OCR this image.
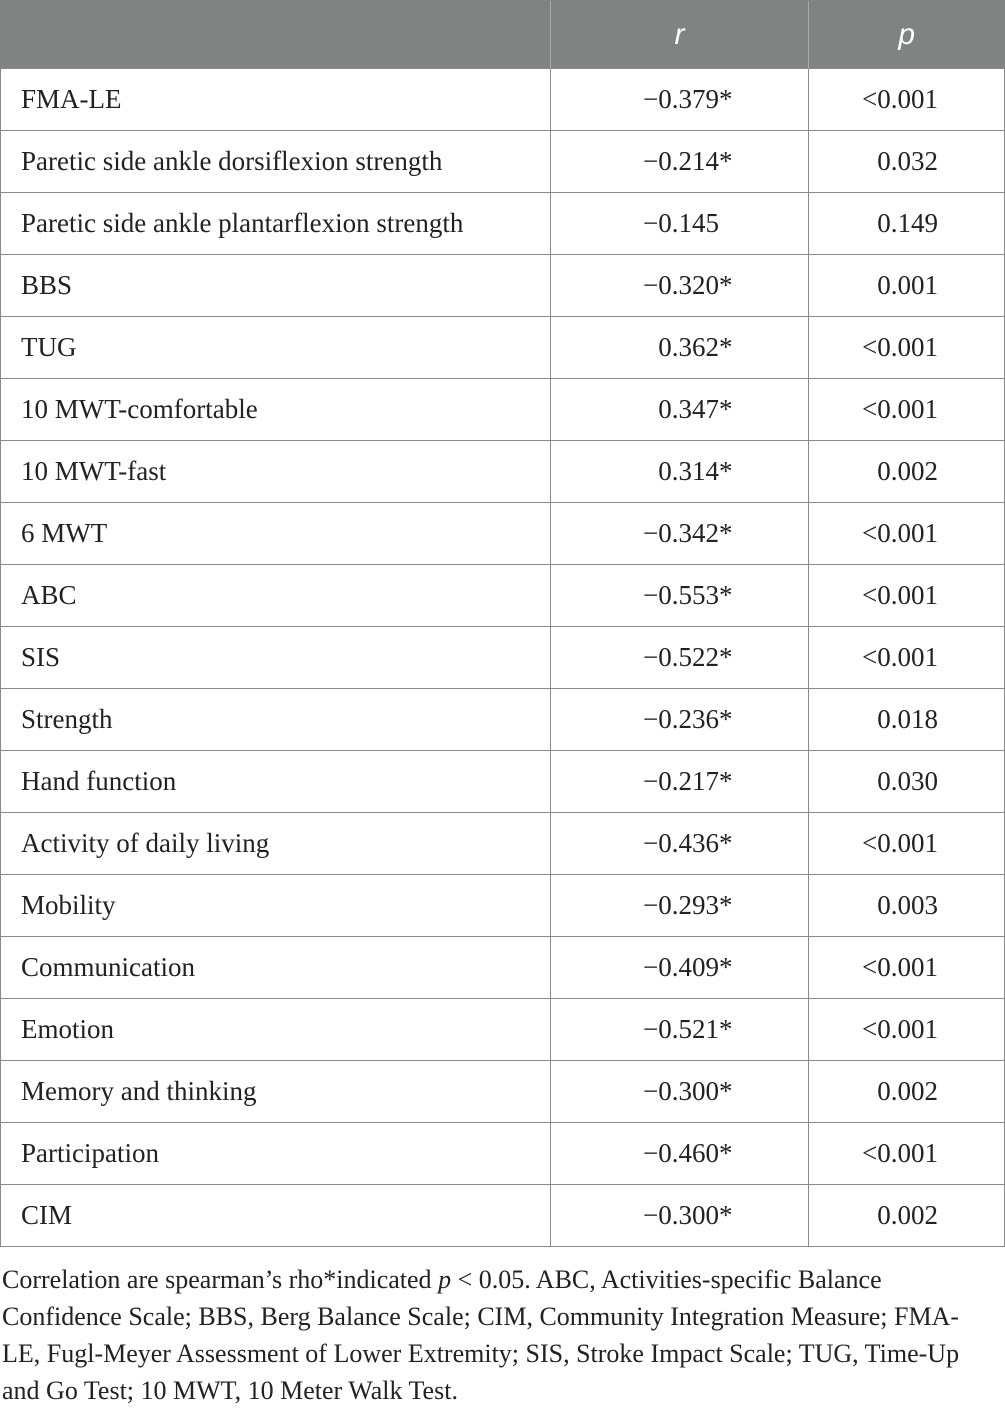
	r	p
FMA-LE	−0.379*	<0.001
Paretic side ankle dorsiflexion strength	−0.214*	0.032
Paretic side ankle plantarflexion strength	−0.145	0.149
BBS	−0.320*	0.001
TUG	0.362*	<0.001
10 MWT-comfortable	0.347*	<0.001
10 MWT-fast	0.314*	0.002
6 MWT	−0.342*	<0.001
ABC	−0.553*	<0.001
SIS	−0.522*	<0.001
Strength	−0.236*	0.018
Hand function	−0.217*	0.030
Activity of daily living	−0.436*	<0.001
Mobility	−0.293*	0.003
Communication	−0.409*	<0.001
Emotion	−0.521*	<0.001
Memory and thinking	−0.300*	0.002
Participation	−0.460*	<0.001
CIM	−0.300*	0.002
Correlation are spearman’s rho*indicated p < 0.05. ABC, Activities-specific Balance Confidence Scale; BBS, Berg Balance Scale; CIM, Community Integration Measure; FMA-LE, Fugl-Meyer Assessment of Lower Extremity; SIS, Stroke Impact Scale; TUG, Time-Up and Go Test; 10 MWT, 10 Meter Walk Test.
